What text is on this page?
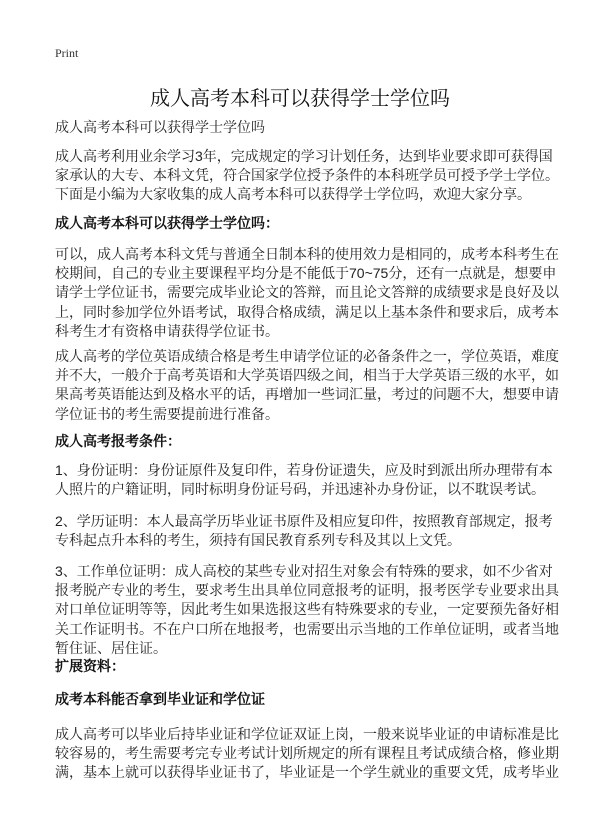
Print
成人高考本科可以获得学士学位吗
成人高考本科可以获得学士学位吗
成人高考利用业余学习3年，完成规定的学习计划任务，达到毕业要求即可获得国
家承认的大专、本科文凭，符合国家学位授予条件的本科班学员可授予学士学位。
下面是小编为大家收集的成人高考本科可以获得学士学位吗，欢迎大家分享。
成人高考本科可以获得学士学位吗：
可以，成人高考本科文凭与普通全日制本科的使用效力是相同的，成考本科考生在
校期间，自己的专业主要课程平均分是不能低于70~75分，还有一点就是，想要申
请学士学位证书，需要完成毕业论文的答辩，而且论文答辩的成绩要求是良好及以
上，同时参加学位外语考试，取得合格成绩，满足以上基本条件和要求后，成考本
科考生才有资格申请获得学位证书。
成人高考的学位英语成绩合格是考生申请学位证的必备条件之一，学位英语，难度
并不大，一般介于高考英语和大学英语四级之间，相当于大学英语三级的水平，如
果高考英语能达到及格水平的话，再增加一些词汇量，考过的问题不大，想要申请
学位证书的考生需要提前进行准备。
成人高考报考条件：
1、身份证明：身份证原件及复印件，若身份证遗失，应及时到派出所办理带有本
人照片的户籍证明，同时标明身份证号码，并迅速补办身份证，以不耽误考试。
2、学历证明：本人最高学历毕业证书原件及相应复印件，按照教育部规定，报考
专科起点升本科的考生，须持有国民教育系列专科及其以上文凭。
3、工作单位证明：成人高校的某些专业对招生对象会有特殊的要求，如不少省对
报考脱产专业的考生，要求考生出具单位同意报考的证明，报考医学专业要求出具
对口单位证明等等，因此考生如果选报这些有特殊要求的专业，一定要预先备好相
关工作证明书。不在户口所在地报考，也需要出示当地的工作单位证明，或者当地
暂住证、居住证。
扩展资料：
成考本科能否拿到毕业证和学位证
成人高考可以毕业后持毕业证和学位证双证上岗，一般来说毕业证的申请标准是比
较容易的，考生需要考完专业考试计划所规定的所有课程且考试成绩合格，修业期
满，基本上就可以获得毕业证书了，毕业证是一个学生就业的重要文凭，成考毕业
